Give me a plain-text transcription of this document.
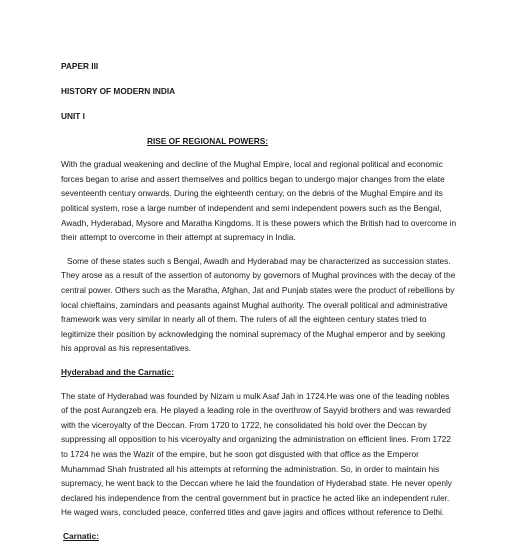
PAPER III

HISTORY OF MODERN INDIA

UNIT I

RISE OF REGIONAL POWERS:

With the gradual weakening and decline of the Mughal Empire, local and regional political and economic forces began to arise and assert themselves and politics began to undergo major changes from the elate seventeenth century onwards. During the eighteenth century, on the debris of the Mughal Empire and its political system, rose a large number of independent and semi independent powers such as the Bengal, Awadh, Hyderabad, Mysore and Maratha Kingdoms. It is these powers which the British had to overcome in their attempt to overcome in their attempt at supremacy in India.

Some of these states such s Bengal, Awadh and Hyderabad may be characterized as succession states. They arose as a result of the assertion of autonomy by governors of Mughal provinces with the decay of the central power. Others such as the Maratha, Afghan, Jat and Punjab states were the product of rebellions by local chieftains, zamindars and peasants against Mughal authority. The overall political and administrative framework was very similar in nearly all of them. The rulers of all the eighteen century states tried to legitimize their position by acknowledging the nominal supremacy of the Mughal emperor and by seeking his approval as his representatives.

Hyderabad and the Carnatic:

The state of Hyderabad was founded by Nizam u mulk Asaf Jah in 1724.He was one of the leading nobles of the post Aurangzeb era. He played a leading role in the overthrow of Sayyid brothers and was rewarded with the viceroyalty of the Deccan. From 1720 to 1722, he consolidated his hold over the Deccan by suppressing all opposition to his viceroyalty and organizing the administration on efficient lines. From 1722 to 1724 he was the Wazir of the empire, but he soon got disgusted with that office as the Emperor Muhammad Shah frustrated all his attempts at reforming the administration. So, in order to maintain his supremacy, he went back to the Deccan where he laid the foundation of Hyderabad state. He never openly declared his independence from the central government but in practice he acted like an independent ruler. He waged wars, concluded peace, conferred titles and gave jagirs and offices without reference to Delhi.

Carnatic:
